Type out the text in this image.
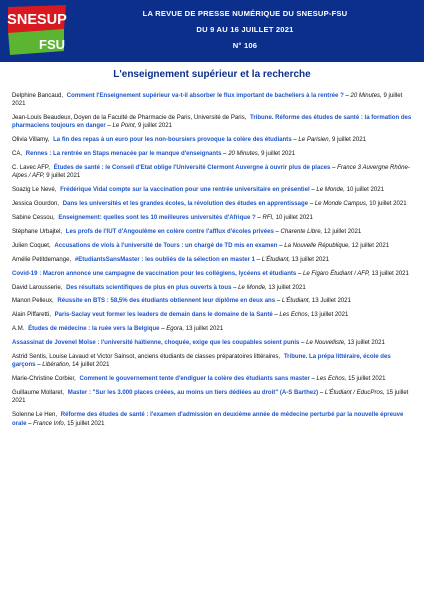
SNESUP
FSU
LA REVUE DE PRESSE NUMÉRIQUE DU SNESUP-FSU
DU 9 AU 16 JUILLET 2021
N° 106
L'enseignement supérieur et la recherche
Delphine Bancaud, Comment l'Enseignement supérieur va-t-il absorber le flux important de bacheliers à la rentrée ? – 20 Minutes, 9 juillet 2021
Jean-Louis Beaudeux, Doyen de la Faculté de Pharmacie de Paris, Université de Paris, Tribune. Réforme des études de santé : la formation des pharmaciens toujours en danger – Le Point, 9 juillet 2021
Olivia Villamy, La fin des repas à un euro pour les non-boursiers provoque la colère des étudiants – Le Parisien, 9 juillet 2021
CA, Rennes : La rentrée en Staps menacée par le manque d'enseignants – 20 Minutes, 9 juillet 2021
C. Lavec AFP, Études de santé : le Conseil d'Etat oblige l'Université Clermont Auvergne à ouvrir plus de places – France 3 Auvergne Rhône-Alpes / AFP, 9 juillet 2021
Soazig Le Nevé, Frédérique Vidal compte sur la vaccination pour une rentrée universitaire en présentiel – Le Monde, 10 juillet 2021
Jessica Gourdon, Dans les universités et les grandes écoles, la révolution des études en apprentissage – Le Monde Campus, 10 juillet 2021
Sabine Cessou, Enseignement: quelles sont les 10 meilleures universités d'Afrique ? – RFI, 10 juillet 2021
Stéphane Urbajtel, Les profs de l'IUT d'Angoulême en colère contre l'afflux d'écoles privées – Charente Libre, 12 juillet 2021
Julien Coquet, Accusations de viols à l'université de Tours : un chargé de TD mis en examen – La Nouvelle République, 12 juillet 2021
Amélie Petitdemange, #EtudiantsSansMaster : les oubliés de la sélection en master 1 – L'Étudiant, 13 juillet 2021
Covid-19 : Macron annonce une campagne de vaccination pour les collégiens, lycéens et étudiants – Le Figaro Étudiant / AFP, 13 juillet 2021
David Larousserie, Des résultats scientifiques de plus en plus ouverts à tous – Le Monde, 13 juillet 2021
Manon Pelleux, Réussite en BTS : 58,5% des étudiants obtiennent leur diplôme en deux ans – L'Étudiant, 13 Juillet 2021
Alain Piffaretti, Paris-Saclay veut former les leaders de demain dans le domaine de la Santé – Les Echos, 13 juillet 2021
A.M. Études de médecine : la ruée vers la Belgique – Egora, 13 juillet 2021
Assassinat de Jovenel Moïse : l'université haïtienne, choquée, exige que les coupables soient punis – Le Nouvelliste, 13 juillet 2021
Astrid Sentis, Louise Lavaud et Victor Sainsot, anciens étudiants de classes préparatoires littéraires, Tribune. La prépa littéraire, école des garçons – Libération, 14 juillet 2021
Marie-Christine Corbier, Comment le gouvernement tente d'endiguer la colère des étudiants sans master – Les Echos, 15 juillet 2021
Guillaume Mollaret, Master : "Sur les 3.000 places créées, au moins un tiers dédiées au droit" (A-S Barthez) – L'Étudiant / EducPros, 15 juillet 2021
Solenne Le Hen, Réforme des études de santé : l'examen d'admission en deuxième année de médecine perturbé par la nouvelle épreuve orale – France Info, 15 juillet 2021
